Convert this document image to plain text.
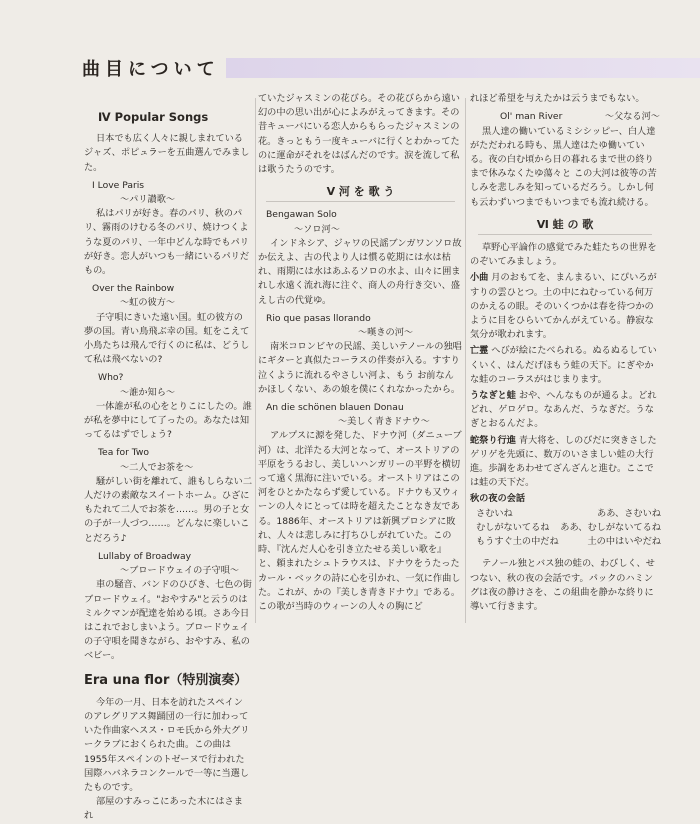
曲目について
Ⅳ Popular Songs

日本でも広く人々に親しまれているジャズ、ポピュラーを五曲選んでみました。

I Love Paris
〜パリ讃歌〜

私はパリが好き。春のパリ、秋のパリ、霧雨のけむる冬のパリ、焼けつくような夏のパリ、一年中どんな時でもパリが好き。恋人がいつも一緒にいるパリだもの。

Over the Rainbow
〜虹の彼方〜

子守唄にきいた遠い国。虹の彼方の夢の国。青い鳥飛ぶ幸の国。虹をこえて小鳥たちは飛んで行くのに私は、どうして私は飛べないの?

Who?
〜誰か知ら〜

一体誰が私の心をとりこにしたの。誰が私を夢中にして了ったの。あなたは知ってるはずでしょう?

Tea for Two
〜二人でお茶を〜

騒がしい街を離れて、誰もしらない二人だけの素敵なスイートホーム。ひざにもたれて二人でお茶を……。男の子と女の子が一人づつ……。どんなに楽しいことだろう♪

Lullaby of Broadway
〜ブロードウェイの子守唄〜

車の騒音、バンドのひびき、七色の街ブロードウェイ。"おやすみ"と云うのはミルクマンが配達を始める頃。さあ今日はこれでおしまいよう。ブロードウェイの子守唄を聞きながら、おやすみ、私のベビー。

Era una flor（特別演奏）

今年の一月、日本を訪れたスペインのアレグリアス舞踊団の一行に加わっていた作曲家ヘスス・ロモ氏から外大グリークラブにおくられた曲。この曲は1955年スペインのトゼーヌで行われた国際ハバネラコンクールで一等に当選したものです。

部屋のすみっこにあった木にはさまれ

ていたジャスミンの花びら。その花びらから遠い幻の中の思い出が心によみがえってきます。その昔キューバにいる恋人からもらったジャスミンの花。きっともう一度キューバに行くとわかってたのに運命がそれをはばんだのです。涙を流して私は歌うたうのです。

Ⅴ 河 を 歌 う
Bengawan Solo
〜ソロ河〜

インドネシア、ジャワの民謡ブンガワンソロ故か伝えよ、古の代より人は慣る乾期には水は枯れ、雨期には水はあふるソロの水よ、山々に囲まれし水遠く流れ海に注ぐ、商人の舟行き交い、盛えし古の代覚ゆ。

Rio que pasas llorando
〜嘆きの河〜

南米コロンビヤの民謡、美しいテノールの独唱にギターと真似たコーラスの伴奏が入る。すすり泣くように流れるやさしい河よ、もう お前なんかほしくない、あの娘を僕にくれなかったから。

An die schönen blauen Donau
〜美しく青きドナウ〜

アルプスに源を発した、ドナウ河（ダニューブ河）は、北洋たる大河となって、オーストリアの平原をうるおし、美しいハンガリーの平野を横切って遠く黒海に注いでいる。オーストリアはこの河をひとかたならず愛している。ドナウも又ウィーンの人々にとっては時を超えたことなき友である。1886年、オーストリアは新興プロシアに敗れ、人々は悲しみに打ちひしがれていた。この時、『沈んだ人心を引き立たせる美しい歌を』と、頼まれたシュトラウスは、ドナウをうたったカール・ベックの詩に心を引かれ、一気に作曲した。これが、かの『美しき青きドナウ』である。この歌が当時のウィーンの人々の胸にど

れほど希望を与えたかは云うまでもない。

Ol' man River	〜父なる河〜

黒人達の働いているミシシッピー、白人達がただわれる時も、黒人達はたゆ働いている。夜の白む頃から日の暮れるまで世の終りまで休みなくたゆ蕩々と この大河は彼等の苦しみを悲しみを知っているだろう。しかし何も云わずいつまでもいつまでも流れ続ける。

Ⅵ 蛙 の 歌

草野心平論作の感覚でみた蛙たちの世界をのぞいてみましょう。

小曲 月のおもてを、まんまるい、にぴいろがすりの雲ひとつ。土の中にねむっている何万のかえるの眼。そのいくつかは春を待つかのように目をひらいてかんがえている。静寂な気分が歌われます。

亡霊 へびが絵にたべられる。ぬるぬるしていくいく、はんだげほもう蛙の天下。にぎやかな蛙のコーラスがはじまります。

うなぎと蛙 おや、へんなものが通るよ。どれどれ、ゲロゲロ。なあんだ、うなぎだ。うなぎとおるんだよ。

蛇祭り行進 青大将を、しのびだに突きさしたゲリゲを先頭に、数万のいさましい蛙の大行進。歩調をあわせてざんざんと進む。ここでは蛙の天下だ。

秋の夜の会話

さむいね	ああ、さむいね
むしがないてるね ああ、むしがないてるね
もうすぐ土の中だね	土の中はいやだね

テノール独とバス独の蛙の、わびしく、せつない、秋の夜の会話です。パックのハミングは夜の静けさを、この組曲を静かな終りに導いて行きます。
